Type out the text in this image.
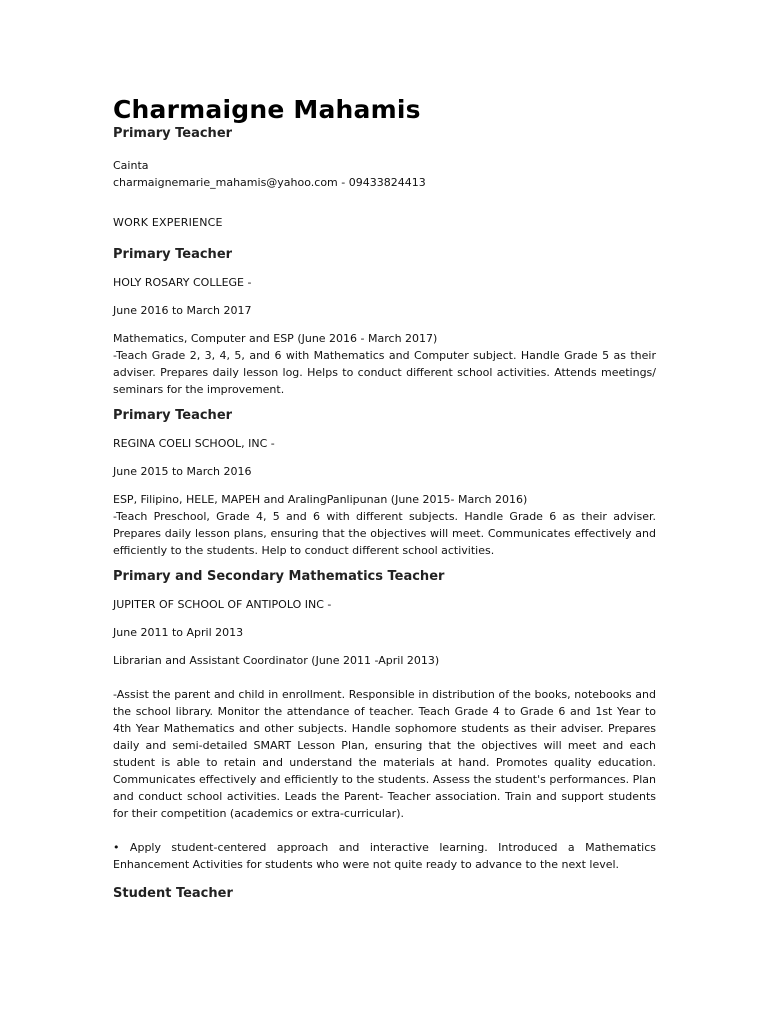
Charmaigne Mahamis
Primary Teacher

Cainta

charmaignemarie_mahamis@yahoo.com - 09433824413

WORK EXPERIENCE
Primary Teacher

HOLY ROSARY COLLEGE -

June 2016 to March 2017

Mathematics, Computer and ESP (June 2016 - March 2017)
-Teach Grade 2, 3, 4, 5, and 6 with Mathematics and Computer subject. Handle Grade 5 as their adviser. Prepares daily lesson log. Helps to conduct different school activities. Attends meetings/ seminars for the improvement.

Primary Teacher

REGINA COELI SCHOOL, INC -

June 2015 to March 2016

ESP, Filipino, HELE, MAPEH and AralingPanlipunan (June 2015- March 2016)
-Teach Preschool, Grade 4, 5 and 6 with different subjects. Handle Grade 6 as their adviser. Prepares daily lesson plans, ensuring that the objectives will meet. Communicates effectively and efficiently to the students. Help to conduct different school activities.

Primary and Secondary Mathematics Teacher

JUPITER OF SCHOOL OF ANTIPOLO INC -

June 2011 to April 2013

Librarian and Assistant Coordinator (June 2011 -April 2013)

-Assist the parent and child in enrollment. Responsible in distribution of the books, notebooks and the school library. Monitor the attendance of teacher. Teach Grade 4 to Grade 6 and 1st Year to 4th Year Mathematics and other subjects. Handle sophomore students as their adviser. Prepares daily and semi-detailed SMART Lesson Plan, ensuring that the objectives will meet and each student is able to retain and understand the materials at hand. Promotes quality education. Communicates effectively and efficiently to the students. Assess the student's performances. Plan and conduct school activities. Leads the Parent- Teacher association. Train and support students for their competition (academics or extra-curricular).

• Apply student-centered approach and interactive learning. Introduced a Mathematics Enhancement Activities for students who were not quite ready to advance to the next level.

Student Teacher
